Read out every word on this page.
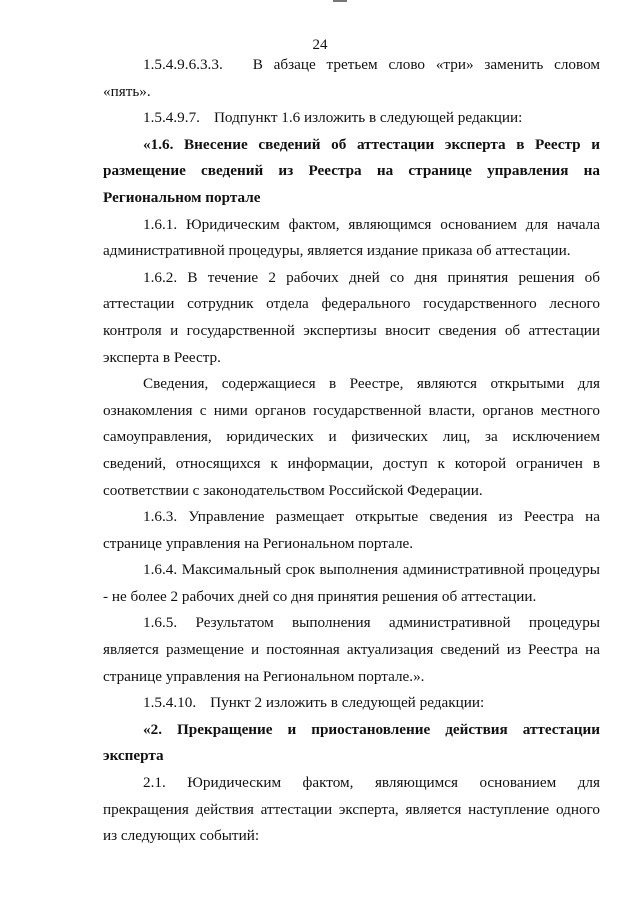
24

1.5.4.9.6.3.3. В абзаце третьем слово «три» заменить словом «пять».

1.5.4.9.7. Подпункт 1.6 изложить в следующей редакции:

«1.6. Внесение сведений об аттестации эксперта в Реестр и размещение сведений из Реестра на странице управления на Региональном портале

1.6.1. Юридическим фактом, являющимся основанием для начала административной процедуры, является издание приказа об аттестации.

1.6.2. В течение 2 рабочих дней со дня принятия решения об аттестации сотрудник отдела федерального государственного лесного контроля и государственной экспертизы вносит сведения об аттестации эксперта в Реестр.

Сведения, содержащиеся в Реестре, являются открытыми для ознакомления с ними органов государственной власти, органов местного самоуправления, юридических и физических лиц, за исключением сведений, относящихся к информации, доступ к которой ограничен в соответствии с законодательством Российской Федерации.

1.6.3. Управление размещает открытые сведения из Реестра на странице управления на Региональном портале.

1.6.4. Максимальный срок выполнения административной процедуры - не более 2 рабочих дней со дня принятия решения об аттестации.

1.6.5. Результатом выполнения административной процедуры является размещение и постоянная актуализация сведений из Реестра на странице управления на Региональном портале.».

1.5.4.10. Пункт 2 изложить в следующей редакции:

«2. Прекращение и приостановление действия аттестации эксперта

2.1. Юридическим фактом, являющимся основанием для прекращения действия аттестации эксперта, является наступление одного из следующих событий:
